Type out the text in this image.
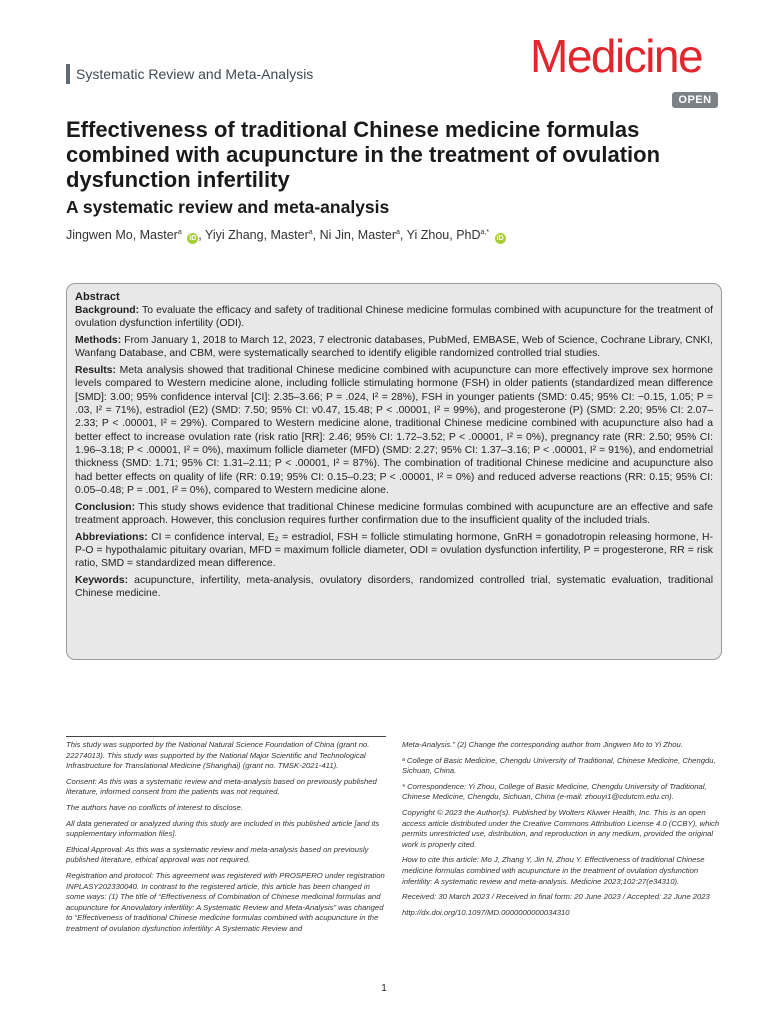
Systematic Review and Meta-Analysis	Medicine
OPEN
Effectiveness of traditional Chinese medicine formulas combined with acupuncture in the treatment of ovulation dysfunction infertility
A systematic review and meta-analysis
Jingwen Mo, Master$^a$ iD , Yiyi Zhang, Master$^a$, Ni Jin, Master$^a$, Yi Zhou, PhD$^{a,*}$ iD
Abstract

Background: To evaluate the efficacy and safety of traditional Chinese medicine formulas combined with acupuncture for the treatment of ovulation dysfunction infertility (ODI).

Methods: From January 1, 2018 to March 12, 2023, 7 electronic databases, PubMed, EMBASE, Web of Science, Cochrane Library, CNKI, Wanfang Database, and CBM, were systematically searched to identify eligible randomized controlled trial studies.

Results: Meta analysis showed that traditional Chinese medicine combined with acupuncture can more effectively improve sex hormone levels compared to Western medicine alone, including follicle stimulating hormone (FSH) in older patients (standardized mean difference [SMD]: 3.00; 95% confidence interval [CI]: 2.35–3.66; P = .024, I² = 28%), FSH in younger patients (SMD: 0.45; 95% CI: −0.15, 1.05; P = .03, I² = 71%), estradiol (E2) (SMD: 7.50; 95% CI: v0.47, 15.48; P < .00001, I² = 99%), and progesterone (P) (SMD: 2.20; 95% CI: 2.07–2.33; P < .00001, I² = 29%). Compared to Western medicine alone, traditional Chinese medicine combined with acupuncture also had a better effect to increase ovulation rate (risk ratio [RR]: 2.46; 95% CI: 1.72–3.52; P < .00001, I² = 0%), pregnancy rate (RR: 2.50; 95% CI: 1.96–3.18; P < .00001, I² = 0%), maximum follicle diameter (MFD) (SMD: 2.27; 95% CI: 1.37–3.16; P < .00001, I² = 91%), and endometrial thickness (SMD: 1.71; 95% CI: 1.31–2.11; P < .00001, I² = 87%). The combination of traditional Chinese medicine and acupuncture also had better effects on quality of life (RR: 0.19; 95% CI: 0.15–0.23; P < .00001, I² = 0%) and reduced adverse reactions (RR: 0.15; 95% CI: 0.05–0.48; P = .001, I² = 0%), compared to Western medicine alone.

Conclusion: This study shows evidence that traditional Chinese medicine formulas combined with acupuncture are an effective and safe treatment approach. However, this conclusion requires further confirmation due to the insufficient quality of the included trials.

Abbreviations: CI = confidence interval, E₂ = estradiol, FSH = follicle stimulating hormone, GnRH = gonadotropin releasing hormone, H-P-O = hypothalamic pituitary ovarian, MFD = maximum follicle diameter, ODI = ovulation dysfunction infertility, P = progesterone, RR = risk ratio, SMD = standardized mean difference.

Keywords: acupuncture, infertility, meta-analysis, ovulatory disorders, randomized controlled trial, systematic evaluation, traditional Chinese medicine.

This study was supported by the National Natural Science Foundation of China (grant no. 22274013). This study was supported by the National Major Scientific and Technological Infrastructure for Translational Medicine (Shanghai) (grant no. TMSK-2021-411).

Consent: As this was a systematic review and meta-analysis based on previously published literature, informed consent from the patients was not required.

The authors have no conflicts of interest to disclose.

All data generated or analyzed during this study are included in this published article [and its supplementary information files].

Ethical Approval: As this was a systematic review and meta-analysis based on previously published literature, ethical approval was not required.

Registration and protocol: This agreement was registered with PROSPERO under registration INPLASY202330040. In contrast to the registered article, this article has been changed in some ways: (1) The title of “Effectiveness of Combination of Chinese medicinal formulas and acupuncture for Anovulatory infertility: A Systematic Review and Meta-Analysis” was changed to “Effectiveness of traditional Chinese medicine formulas combined with acupuncture in the treatment of ovulation dysfunction infertility: A Systematic Review and

Meta-Analysis.” (2) Change the corresponding author from Jingwen Mo to Yi Zhou.

ᵃ College of Basic Medicine, Chengdu University of Traditional, Chinese Medicine, Chengdu, Sichuan, China.

* Correspondence: Yi Zhou, College of Basic Medicine, Chengdu University of Traditional, Chinese Medicine, Chengdu, Sichuan, China (e-mail: zhouyi1@cdutcm.edu.cn).

Copyright © 2023 the Author(s). Published by Wolters Kluwer Health, Inc. This is an open access article distributed under the Creative Commons Attribution License 4.0 (CCBY), which permits unrestricted use, distribution, and reproduction in any medium, provided the original work is properly cited.

How to cite this article: Mo J, Zhang Y, Jin N, Zhou Y. Effectiveness of traditional Chinese medicine formulas combined with acupuncture in the treatment of ovulation dysfunction infertility: A systematic review and meta-analysis. Medicine 2023;102:27(e34310).

Received: 30 March 2023 / Received in final form: 20 June 2023 / Accepted: 22 June 2023

http://dx.doi.org/10.1097/MD.0000000000034310

1
